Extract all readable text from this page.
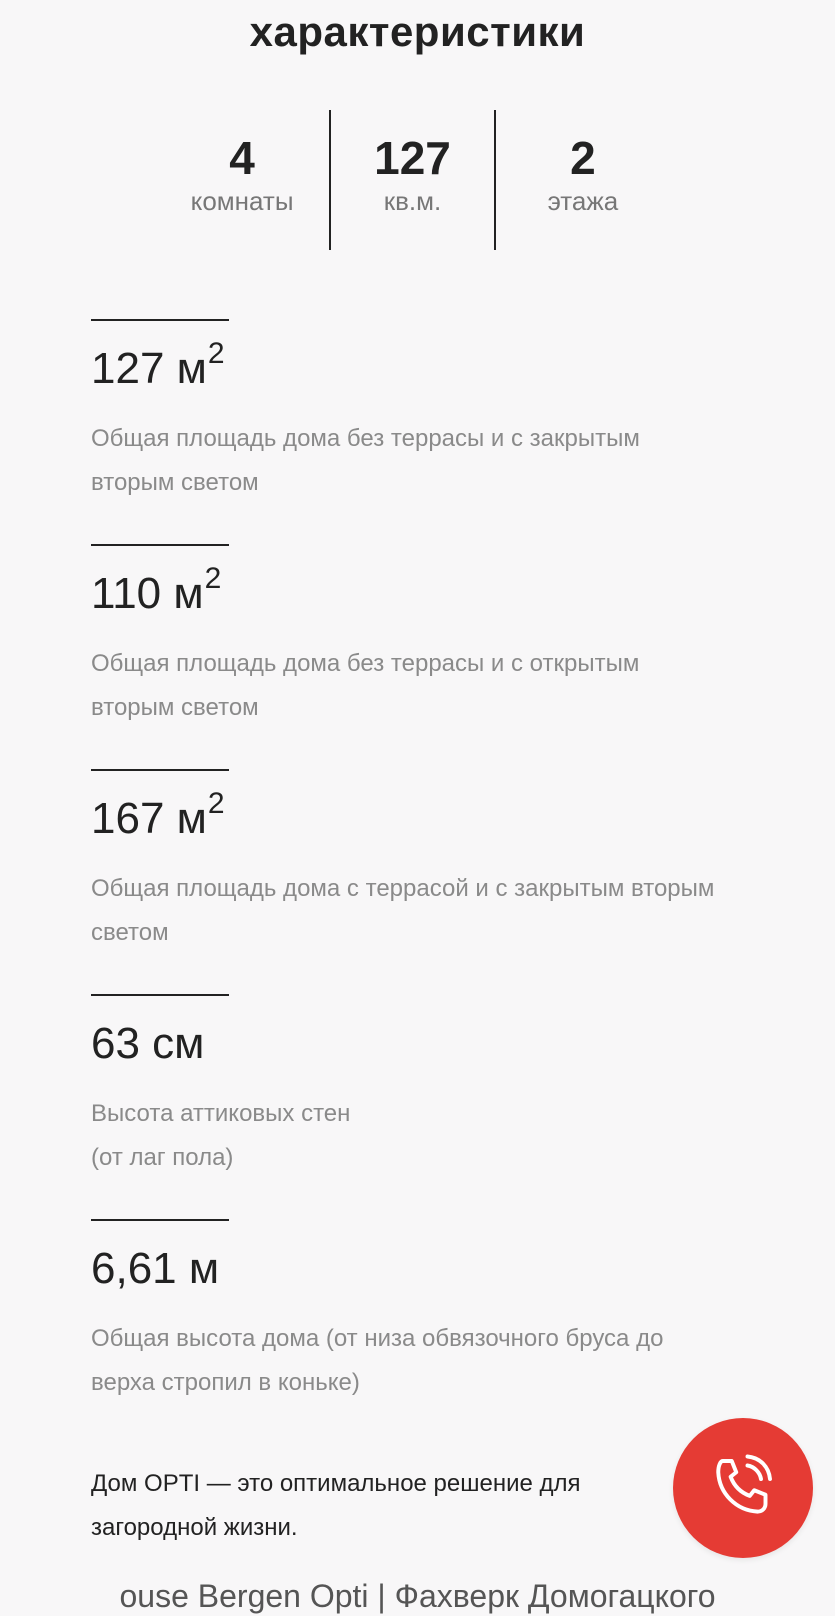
характеристики
4
комнаты
127
кв.м.
2
этажа
127 $м^2$
Общая площадь дома без террасы и с закрытым
вторым светом
110 $м^2$
Общая площадь дома без террасы и с открытым
вторым светом
167 $м^2$
Общая площадь дома с террасой и с закрытым вторым
светом
63 см
Высота аттиковых стен
(от лаг пола)
6,61 м
Общая высота дома (от низа обвязочного бруса до
верха стропил в коньке)
Дом OPTI — это оптимальное решение для загородной жизни.
ouse Bergen Opti | Фахверк Домогацкого
